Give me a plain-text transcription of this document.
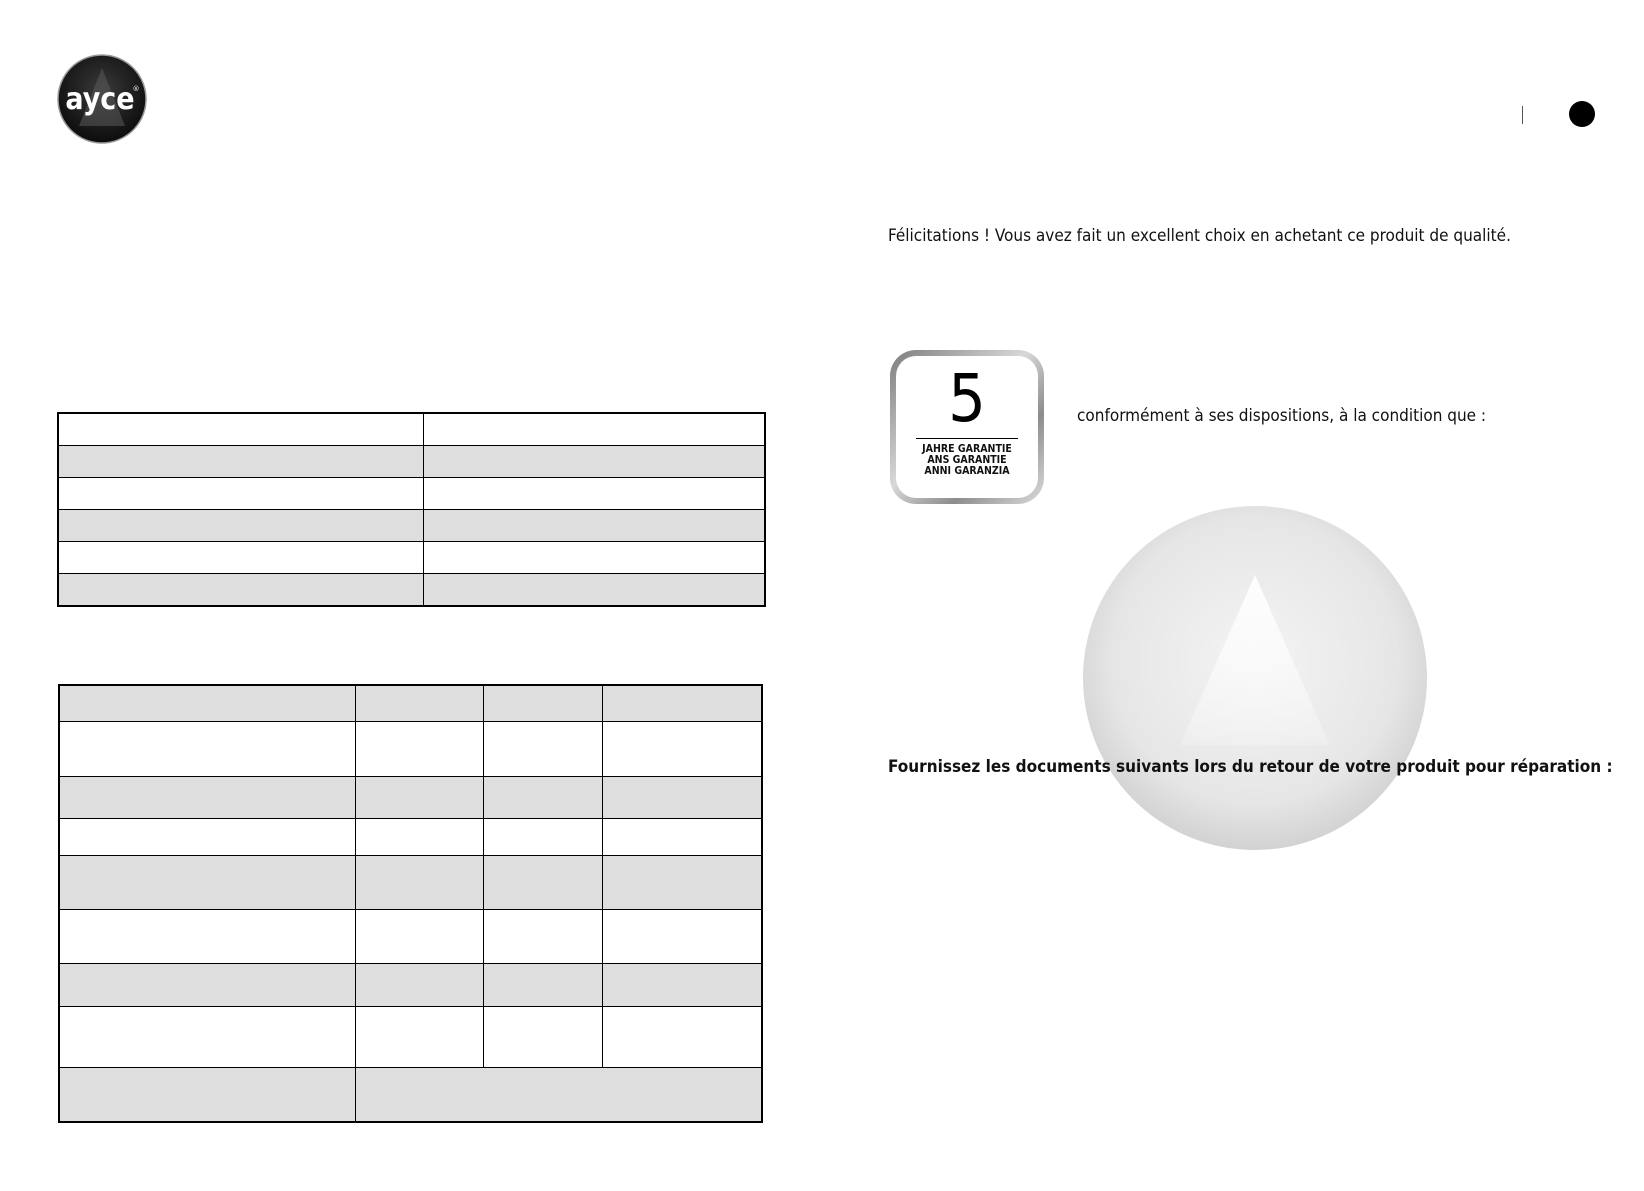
ayce
®
Félicitations ! Vous avez fait un excellent choix en achetant ce produit de qualité.
5
JAHRE GARANTIE
ANS GARANTIE
ANNI GARANZIA
conformément à ses dispositions, à la condition que :
Fournissez les documents suivants lors du retour de votre produit pour réparation :
